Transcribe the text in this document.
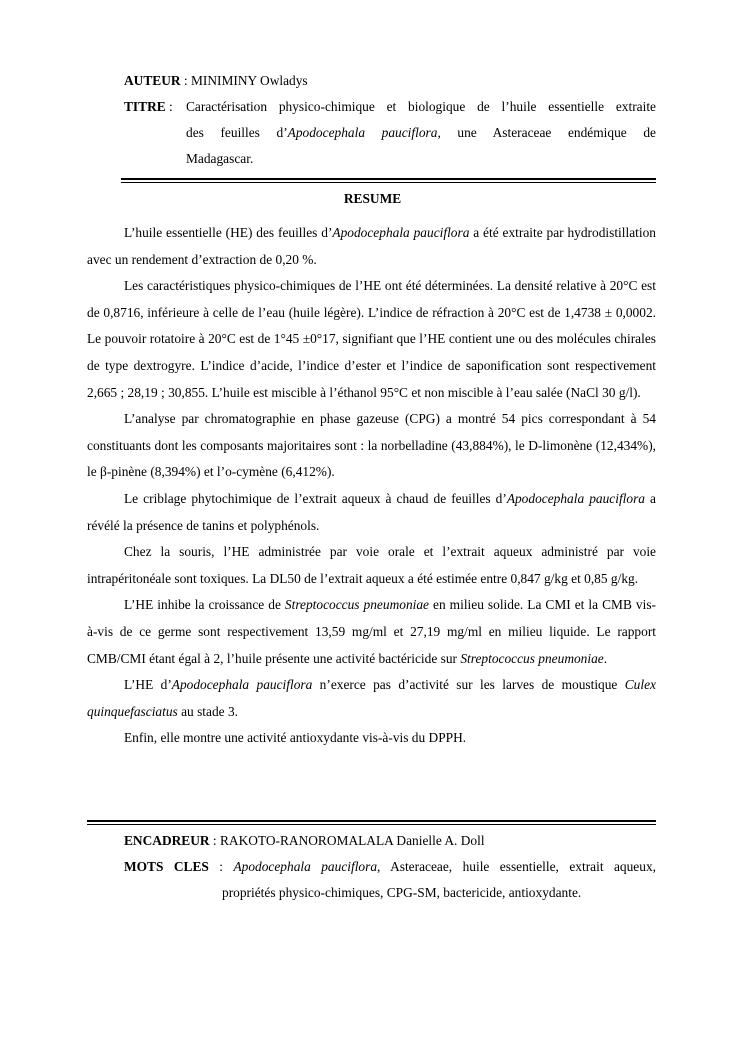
AUTEUR : MINIMINY Owladys
TITRE : Caractérisation physico-chimique et biologique de l’huile essentielle extraite
des feuilles d’Apodocephala pauciflora, une Asteraceae endémique de
Madagascar.
RESUME

L’huile essentielle (HE) des feuilles d’Apodocephala pauciflora a été extraite par hydrodistillation avec un rendement d’extraction de 0,20 %.

Les caractéristiques physico-chimiques de l’HE ont été déterminées. La densité relative à 20°C est de 0,8716, inférieure à celle de l’eau (huile légère). L’indice de réfraction à 20°C est de 1,4738 ± 0,0002. Le pouvoir rotatoire à 20°C est de 1°45 ±0°17, signifiant que l’HE contient une ou des molécules chirales de type dextrogyre. L’indice d’acide, l’indice d’ester et l’indice de saponification sont respectivement 2,665 ; 28,19 ; 30,855. L’huile est miscible à l’éthanol 95°C et non miscible à l’eau salée (NaCl 30 g/l).

L’analyse par chromatographie en phase gazeuse (CPG) a montré 54 pics correspondant à 54 constituants dont les composants majoritaires sont : la norbelladine (43,884%), le D-limonène (12,434%), le β-pinène (8,394%) et l’o-cymène (6,412%).

Le criblage phytochimique de l’extrait aqueux à chaud de feuilles d’Apodocephala pauciflora a révélé la présence de tanins et polyphénols.

Chez la souris, l’HE administrée par voie orale et l’extrait aqueux administré par voie intrapéritonéale sont toxiques. La DL50 de l’extrait aqueux a été estimée entre 0,847 g/kg et 0,85 g/kg.

L’HE inhibe la croissance de Streptococcus pneumoniae en milieu solide. La CMI et la CMB vis-à-vis de ce germe sont respectivement 13,59 mg/ml et 27,19 mg/ml en milieu liquide. Le rapport CMB/CMI étant égal à 2, l’huile présente une activité bactéricide sur Streptococcus pneumoniae.

L’HE d’Apodocephala pauciflora n’exerce pas d’activité sur les larves de moustique Culex quinquefasciatus au stade 3.

Enfin, elle montre une activité antioxydante vis-à-vis du DPPH.

ENCADREUR : RAKOTO-RANOROMALALA Danielle A. Doll
MOTS CLES : Apodocephala pauciflora, Asteraceae, huile essentielle, extrait aqueux,
propriétés physico-chimiques, CPG-SM, bactericide, antioxydante.
